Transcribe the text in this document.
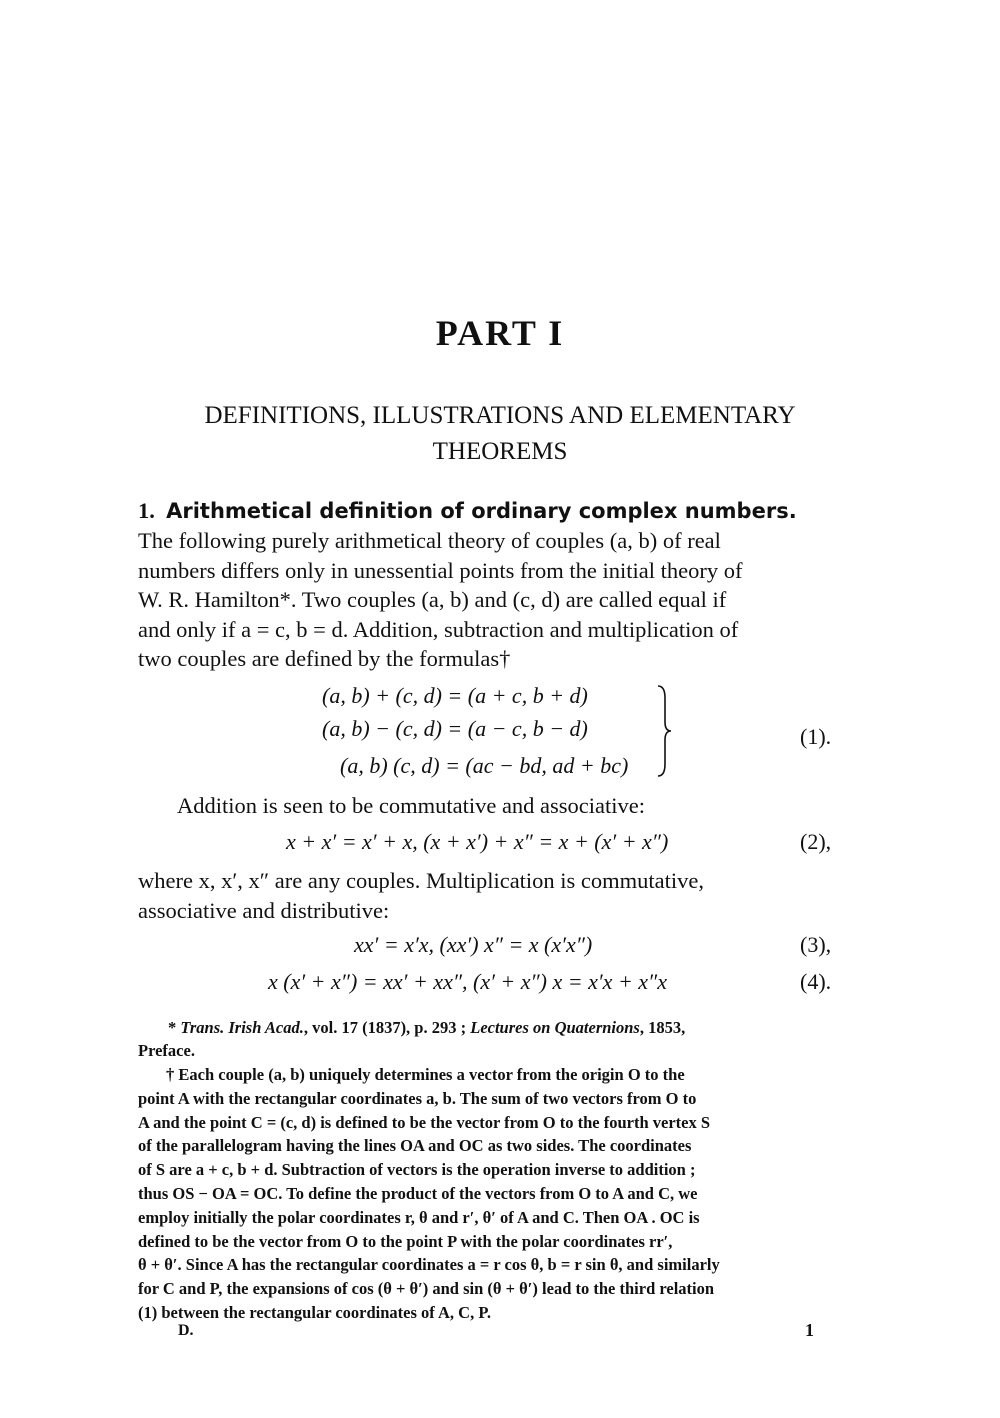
PART I
DEFINITIONS, ILLUSTRATIONS AND ELEMENTARY THEOREMS
1. Arithmetical definition of ordinary complex numbers.
The following purely arithmetical theory of couples (a, b) of real
numbers differs only in unessential points from the initial theory of
W. R. Hamilton*. Two couples (a, b) and (c, d) are called equal if
and only if a = c, b = d. Addition, subtraction and multiplication of
two couples are defined by the formulas†
(a, b) + (c, d) = (a + c, b + d)
(a, b) − (c, d) = (a − c, b − d)
(a, b) (c, d) = (ac − bd, ad + bc)
(1).
Addition is seen to be commutative and associative:
x + x′ = x′ + x, (x + x′) + x″ = x + (x′ + x″)	(2),
where x, x′, x″ are any couples. Multiplication is commutative,
associative and distributive:
xx′ = x′x, (xx′) x″ = x (x′x″)	(3),
x (x′ + x″) = xx′ + xx″, (x′ + x″) x = x′x + x″x	(4).
* Trans. Irish Acad., vol. 17 (1837), p. 293 ; Lectures on Quaternions, 1853,
Preface.
† Each couple (a, b) uniquely determines a vector from the origin O to the
point A with the rectangular coordinates a, b. The sum of two vectors from O to
A and the point C = (c, d) is defined to be the vector from O to the fourth vertex S
of the parallelogram having the lines OA and OC as two sides. The coordinates
of S are a + c, b + d. Subtraction of vectors is the operation inverse to addition ;
thus OS − OA = OC. To define the product of the vectors from O to A and C, we
employ initially the polar coordinates r, θ and r′, θ′ of A and C. Then OA . OC is
defined to be the vector from O to the point P with the polar coordinates rr′,
θ + θ′. Since A has the rectangular coordinates a = r cos θ, b = r sin θ, and similarly
for C and P, the expansions of cos (θ + θ′) and sin (θ + θ′) lead to the third relation
(1) between the rectangular coordinates of A, C, P.
D.	1
